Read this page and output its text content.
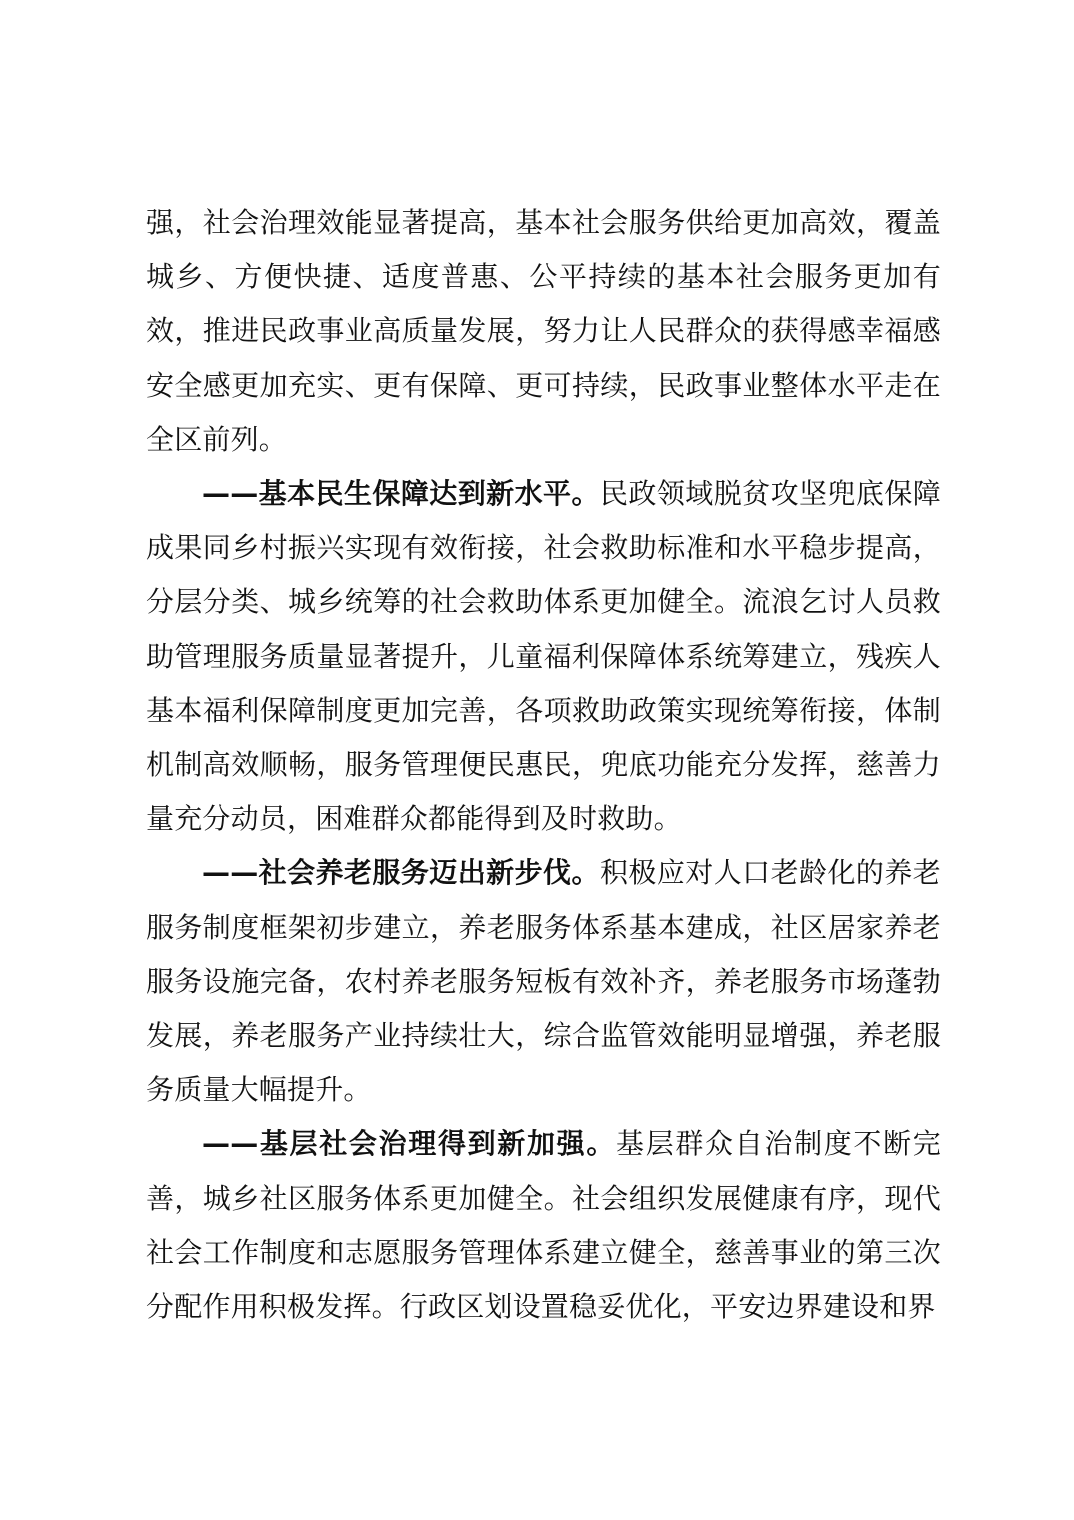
强，社会治理效能显著提高，基本社会服务供给更加高效，覆盖城乡、方便快捷、适度普惠、公平持续的基本社会服务更加有效，推进民政事业高质量发展，努力让人民群众的获得感幸福感安全感更加充实、更有保障、更可持续，民政事业整体水平走在全区前列。

——基本民生保障达到新水平。民政领域脱贫攻坚兜底保障成果同乡村振兴实现有效衔接，社会救助标准和水平稳步提高，分层分类、城乡统筹的社会救助体系更加健全。流浪乞讨人员救助管理服务质量显著提升，儿童福利保障体系统筹建立，残疾人基本福利保障制度更加完善，各项救助政策实现统筹衔接，体制机制高效顺畅，服务管理便民惠民，兜底功能充分发挥，慈善力量充分动员，困难群众都能得到及时救助。

——社会养老服务迈出新步伐。积极应对人口老龄化的养老服务制度框架初步建立，养老服务体系基本建成，社区居家养老服务设施完备，农村养老服务短板有效补齐，养老服务市场蓬勃发展，养老服务产业持续壮大，综合监管效能明显增强，养老服务质量大幅提升。

——基层社会治理得到新加强。基层群众自治制度不断完善，城乡社区服务体系更加健全。社会组织发展健康有序，现代社会工作制度和志愿服务管理体系建立健全，慈善事业的第三次分配作用积极发挥。行政区划设置稳妥优化，平安边界建设和界
